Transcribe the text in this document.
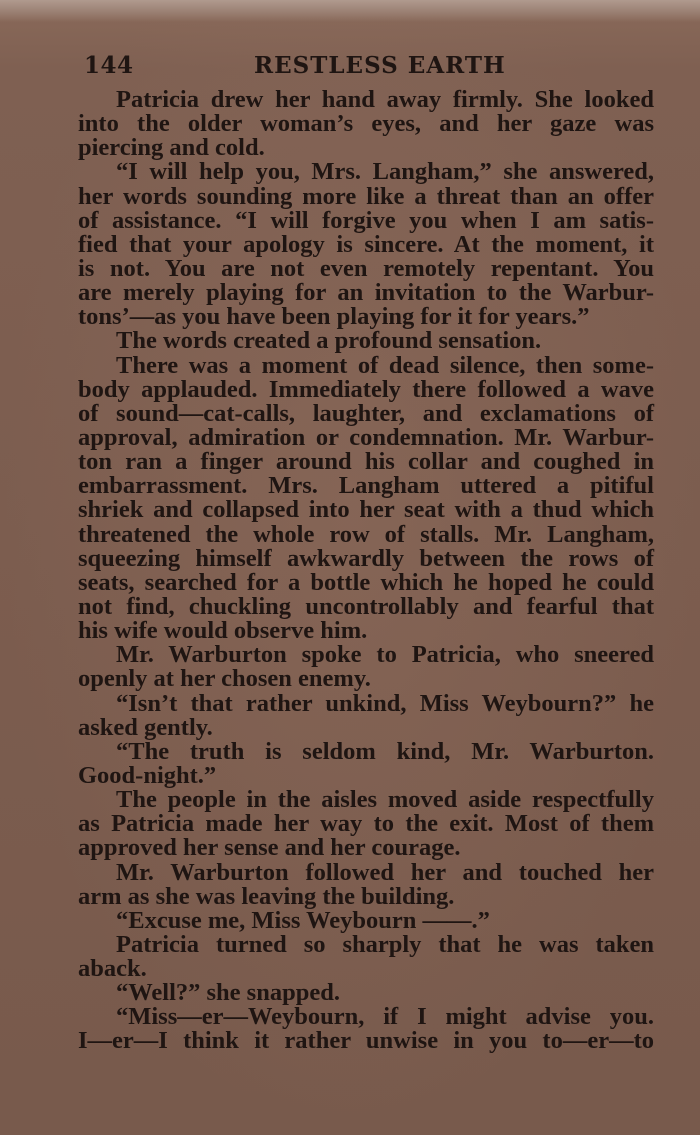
144	RESTLESS EARTH
Patricia drew her hand away firmly. She looked
into the older woman’s eyes, and her gaze was
piercing and cold.
“I will help you, Mrs. Langham,” she answered,
her words sounding more like a threat than an offer
of assistance. “I will forgive you when I am satis-
fied that your apology is sincere. At the moment, it
is not. You are not even remotely repentant. You
are merely playing for an invitation to the Warbur-
tons’—as you have been playing for it for years.”
The words created a profound sensation.
There was a moment of dead silence, then some-
body applauded. Immediately there followed a wave
of sound—cat-calls, laughter, and exclamations of
approval, admiration or condemnation. Mr. Warbur-
ton ran a finger around his collar and coughed in
embarrassment. Mrs. Langham uttered a pitiful
shriek and collapsed into her seat with a thud which
threatened the whole row of stalls. Mr. Langham,
squeezing himself awkwardly between the rows of
seats, searched for a bottle which he hoped he could
not find, chuckling uncontrollably and fearful that
his wife would observe him.
Mr. Warburton spoke to Patricia, who sneered
openly at her chosen enemy.
“Isn’t that rather unkind, Miss Weybourn?” he
asked gently.
“The truth is seldom kind, Mr. Warburton.
Good-night.”
The people in the aisles moved aside respectfully
as Patricia made her way to the exit. Most of them
approved her sense and her courage.
Mr. Warburton followed her and touched her
arm as she was leaving the building.
“Excuse me, Miss Weybourn ——.”
Patricia turned so sharply that he was taken
aback.
“Well?” she snapped.
“Miss—er—Weybourn, if I might advise you.
I—er—I think it rather unwise in you to—er—to
